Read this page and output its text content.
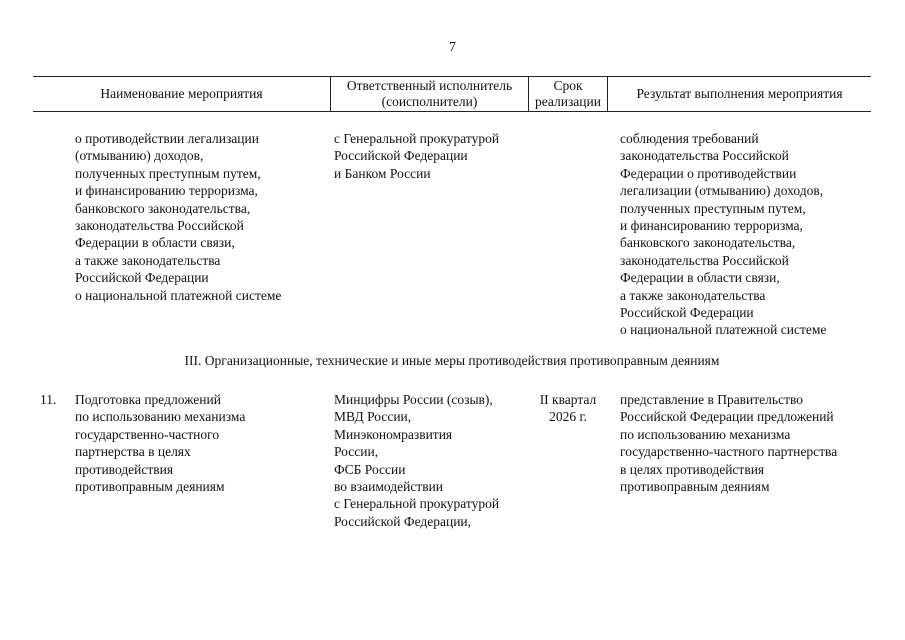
7
Наименование мероприятия
Ответственный исполнитель
(соисполнители)
Срок
реализации
Результат выполнения мероприятия
о противодействии легализации
(отмыванию) доходов,
полученных преступным путем,
и финансированию терроризма,
банковского законодательства,
законодательства Российской
Федерации в области связи,
а также законодательства
Российской Федерации
о национальной платежной системе
с Генеральной прокуратурой
Российской Федерации
и Банком России
соблюдения требований
законодательства Российской
Федерации о противодействии
легализации (отмыванию) доходов,
полученных преступным путем,
и финансированию терроризма,
банковского законодательства,
законодательства Российской
Федерации в области связи,
а также законодательства
Российской Федерации
о национальной платежной системе
III. Организационные, технические и иные меры противодействия противоправным деяниям
11.	Подготовка предложений
по использованию механизма
государственно-частного
партнерства в целях
противодействия
противоправным деяниям
Минцифры России (созыв),
МВД России,
Минэкономразвития
России,
ФСБ России
во взаимодействии
с Генеральной прокуратурой
Российской Федерации,
II квартал
2026 г.
представление в Правительство
Российской Федерации предложений
по использованию механизма
государственно-частного партнерства
в целях противодействия
противоправным деяниям
